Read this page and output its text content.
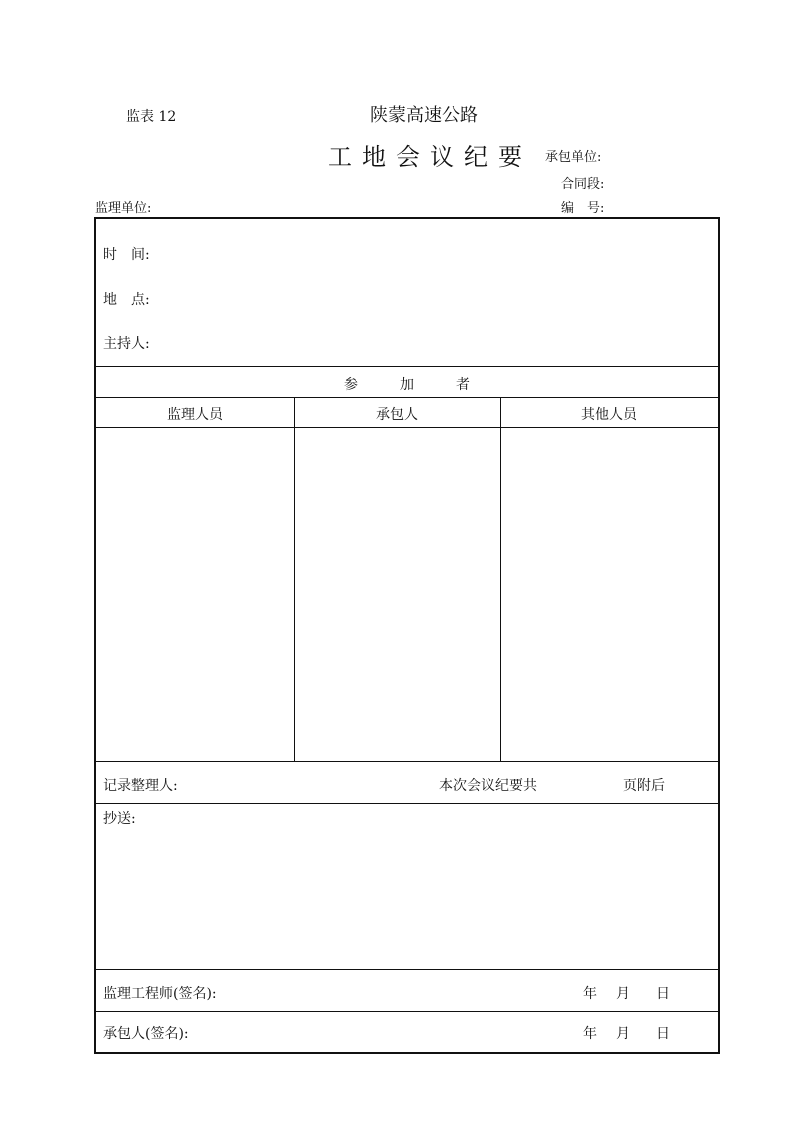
监表 12	陕蒙高速公路
工地会议纪要 承包单位:
合同段:
编　号:
监理单位:
时　间:
地　点:
主持人:
参　　　加　　　者
监理人员	承包人	其他人员
记录整理人:	本次会议纪要共	页附后
抄送:
监理工程师(签名):	年 月 日
承包人(签名):	年 月 日
